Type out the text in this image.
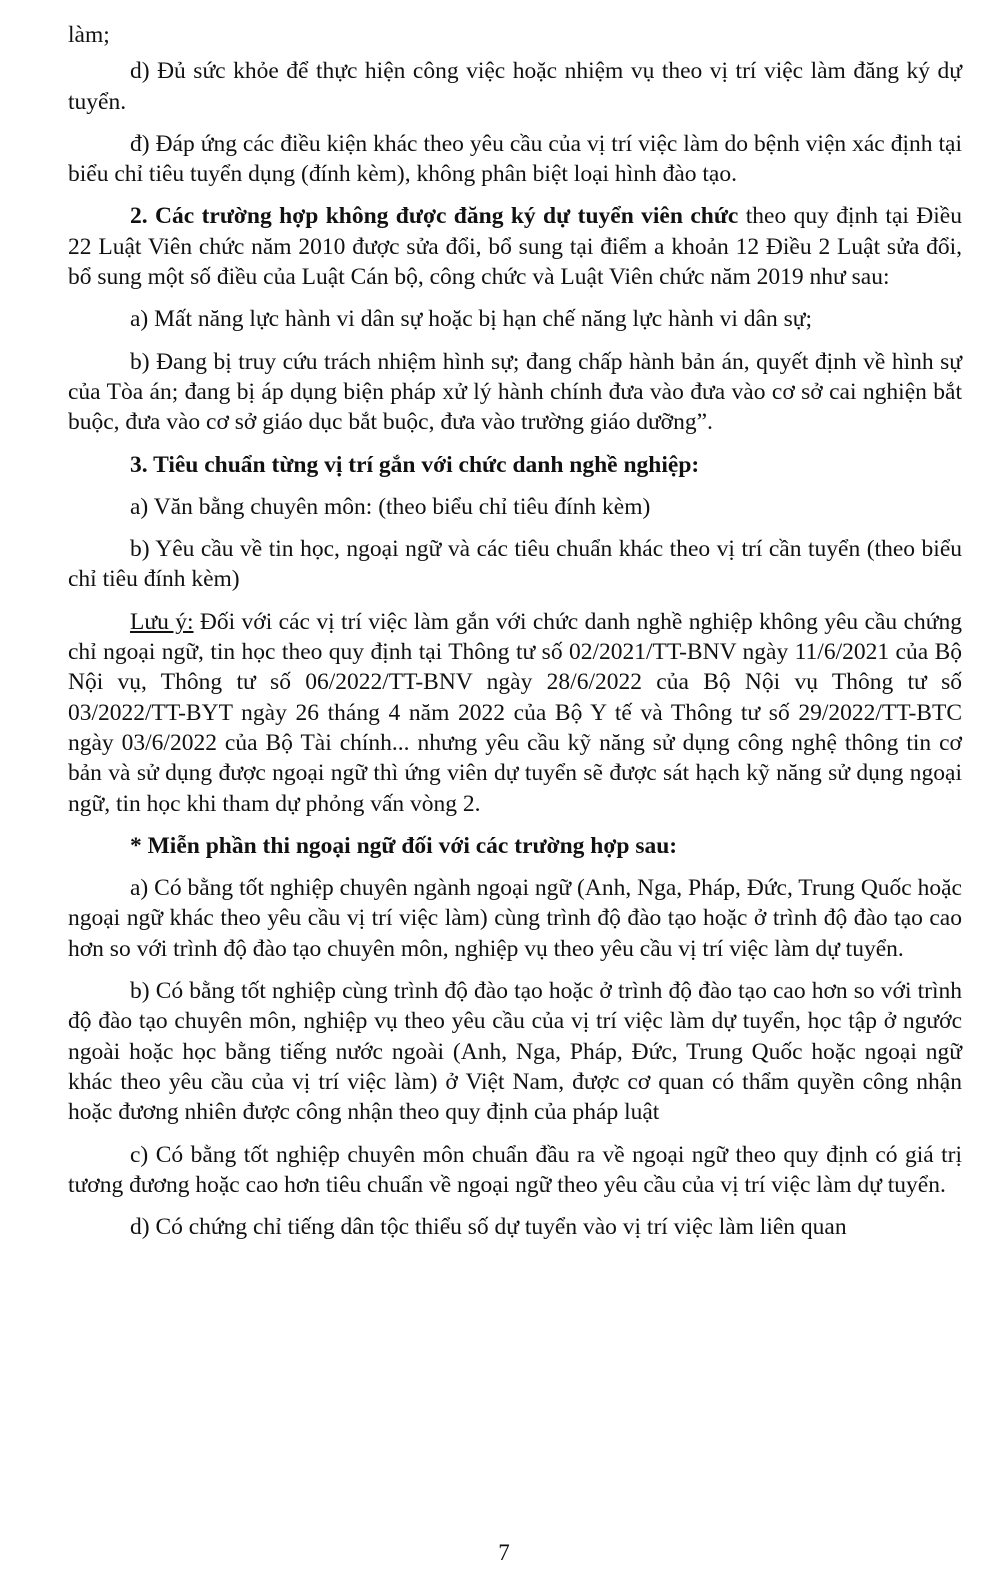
làm;

d) Đủ sức khỏe để thực hiện công việc hoặc nhiệm vụ theo vị trí việc làm đăng ký dự tuyển.

đ) Đáp ứng các điều kiện khác theo yêu cầu của vị trí việc làm do bệnh viện xác định tại biểu chỉ tiêu tuyển dụng (đính kèm), không phân biệt loại hình đào tạo.

2. Các trường hợp không được đăng ký dự tuyển viên chức theo quy định tại Điều 22 Luật Viên chức năm 2010 được sửa đổi, bổ sung tại điểm a khoản 12 Điều 2 Luật sửa đổi, bổ sung một số điều của Luật Cán bộ, công chức và Luật Viên chức năm 2019 như sau:

a) Mất năng lực hành vi dân sự hoặc bị hạn chế năng lực hành vi dân sự;

b) Đang bị truy cứu trách nhiệm hình sự; đang chấp hành bản án, quyết định về hình sự của Tòa án; đang bị áp dụng biện pháp xử lý hành chính đưa vào đưa vào cơ sở cai nghiện bắt buộc, đưa vào cơ sở giáo dục bắt buộc, đưa vào trường giáo dưỡng”.

3. Tiêu chuẩn từng vị trí gắn với chức danh nghề nghiệp:

a) Văn bằng chuyên môn: (theo biểu chỉ tiêu đính kèm)

b) Yêu cầu về tin học, ngoại ngữ và các tiêu chuẩn khác theo vị trí cần tuyển (theo biểu chỉ tiêu đính kèm)

Lưu ý: Đối với các vị trí việc làm gắn với chức danh nghề nghiệp không yêu cầu chứng chỉ ngoại ngữ, tin học theo quy định tại Thông tư số 02/2021/TT-BNV ngày 11/6/2021 của Bộ Nội vụ, Thông tư số 06/2022/TT-BNV ngày 28/6/2022 của Bộ Nội vụ Thông tư số 03/2022/TT-BYT ngày 26 tháng 4 năm 2022 của Bộ Y tế và Thông tư số 29/2022/TT-BTC ngày 03/6/2022 của Bộ Tài chính... nhưng yêu cầu kỹ năng sử dụng công nghệ thông tin cơ bản và sử dụng được ngoại ngữ thì ứng viên dự tuyển sẽ được sát hạch kỹ năng sử dụng ngoại ngữ, tin học khi tham dự phỏng vấn vòng 2.

* Miễn phần thi ngoại ngữ đối với các trường hợp sau:

a) Có bằng tốt nghiệp chuyên ngành ngoại ngữ (Anh, Nga, Pháp, Đức, Trung Quốc hoặc ngoại ngữ khác theo yêu cầu vị trí việc làm) cùng trình độ đào tạo hoặc ở trình độ đào tạo cao hơn so với trình độ đào tạo chuyên môn, nghiệp vụ theo yêu cầu vị trí việc làm dự tuyển.

b) Có bằng tốt nghiệp cùng trình độ đào tạo hoặc ở trình độ đào tạo cao hơn so với trình độ đào tạo chuyên môn, nghiệp vụ theo yêu cầu của vị trí việc làm dự tuyển, học tập ở ngước ngoài hoặc học bằng tiếng nước ngoài (Anh, Nga, Pháp, Đức, Trung Quốc hoặc ngoại ngữ khác theo yêu cầu của vị trí việc làm) ở Việt Nam, được cơ quan có thẩm quyền công nhận hoặc đương nhiên được công nhận theo quy định của pháp luật

c) Có bằng tốt nghiệp chuyên môn chuẩn đầu ra về ngoại ngữ theo quy định có giá trị tương đương hoặc cao hơn tiêu chuẩn về ngoại ngữ theo yêu cầu của vị trí việc làm dự tuyển.

d) Có chứng chỉ tiếng dân tộc thiểu số dự tuyển vào vị trí việc làm liên quan

7
